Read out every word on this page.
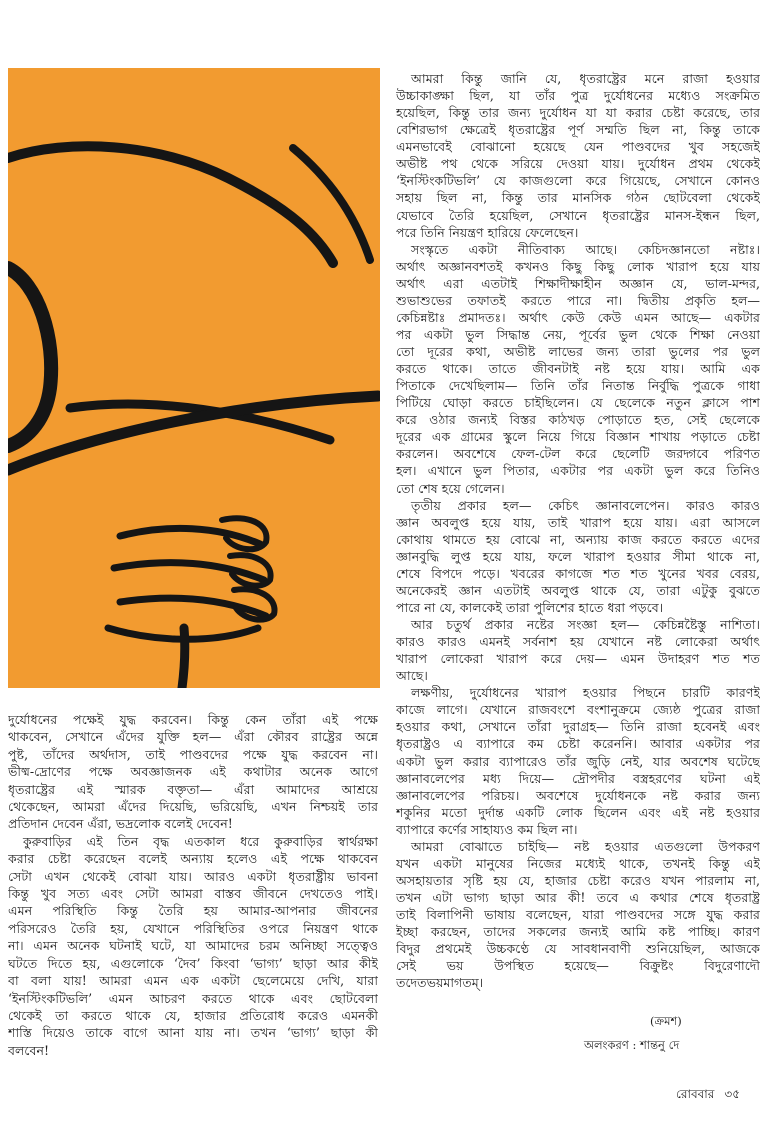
আমরা কিন্তু জানি যে, ধৃতরাষ্ট্রের মনে রাজা হওয়ার
উচ্চাকাঙ্ক্ষা ছিল, যা তাঁর পুত্র দুর্যোধনের মধ্যেও সংক্রমিত
হয়েছিল, কিন্তু তার জন্য দুর্যোধন যা যা করার চেষ্টা করেছে, তার
বেশিরভাগ ক্ষেত্রেই ধৃতরাষ্ট্রের পূর্ণ সম্মতি ছিল না, কিন্তু তাকে
এমনভাবেই বোঝানো হয়েছে যেন পাণ্ডবদের খুব সহজেই
অভীষ্ট পথ থেকে সরিয়ে দেওয়া যায়। দুর্যোধন প্রথম থেকেই
‘ইনস্টিংকটিভলি’ যে কাজগুলো করে গিয়েছে, সেখানে কোনও
সহায় ছিল না, কিন্তু তার মানসিক গঠন ছোটবেলা থেকেই
যেভাবে তৈরি হয়েছিল, সেখানে ধৃতরাষ্ট্রের মানস-ইন্ধন ছিল,
পরে তিনি নিয়ন্ত্রণ হারিয়ে ফেলেছেন।
সংস্কৃতে একটা নীতিবাক্য আছে। কেচিদজ্ঞানতো নষ্টাঃ।
অর্থাৎ অজ্ঞানবশতই কখনও কিছু কিছু লোক খারাপ হয়ে যায়
অর্থাৎ এরা এতটাই শিক্ষাদীক্ষাহীন অজ্ঞান যে, ভাল-মন্দর,
শুভাশুভের তফাতই করতে পারে না। দ্বিতীয় প্রকৃতি হল—
কেচিন্নষ্টাঃ প্রমাদতঃ। অর্থাৎ কেউ কেউ এমন আছে— একটার
পর একটা ভুল সিদ্ধান্ত নেয়, পূর্বের ভুল থেকে শিক্ষা নেওয়া
তো দূরের কথা, অভীষ্ট লাভের জন্য তারা ভুলের পর ভুল
করতে থাকে। তাতে জীবনটাই নষ্ট হয়ে যায়। আমি এক
পিতাকে দেখেছিলাম— তিনি তাঁর নিতান্ত নির্বুদ্ধি পুত্রকে গাধা
পিটিয়ে ঘোড়া করতে চাইছিলেন। যে ছেলেকে নতুন ক্লাসে পাশ
করে ওঠার জন্যই বিস্তর কাঠখড় পোড়াতে হত, সেই ছেলেকে
দূরের এক গ্রামের স্কুলে নিয়ে গিয়ে বিজ্ঞান শাখায় পড়াতে চেষ্টা
করলেন। অবশেষে ফেল-টেল করে ছেলেটি জরদ্গবে পরিণত
হল। এখানে ভুল পিতার, একটার পর একটা ভুল করে তিনিও
তো শেষ হয়ে গেলেন।
তৃতীয় প্রকার হল— কেচিৎ জ্ঞানাবলেপেন। কারও কারও
জ্ঞান অবলুপ্ত হয়ে যায়, তাই খারাপ হয়ে যায়। এরা আসলে
কোথায় থামতে হয় বোঝে না, অন্যায় কাজ করতে করতে এদের
জ্ঞানবুদ্ধি লুপ্ত হয়ে যায়, ফলে খারাপ হওয়ার সীমা থাকে না,
শেষে বিপদে পড়ে। খবরের কাগজে শত শত খুনের খবর বেরয়,
অনেকেরই জ্ঞান এতটাই অবলুপ্ত থাকে যে, তারা এটুকু বুঝতে
পারে না যে, কালকেই তারা পুলিশের হাতে ধরা পড়বে।
আর চতুর্থ প্রকার নষ্টের সংজ্ঞা হল— কেচিন্নষ্টৈস্তু নাশিতা।
কারও কারও এমনই সর্বনাশ হয় যেখানে নষ্ট লোকেরা অর্থাৎ
খারাপ লোকেরা খারাপ করে দেয়— এমন উদাহরণ শত শত
আছে।
লক্ষণীয়, দুর্যোধনের খারাপ হওয়ার পিছনে চারটি কারণই
কাজে লাগে। যেখানে রাজবংশে বংশানুক্রমে জ্যেষ্ঠ পুত্রের রাজা
হওয়ার কথা, সেখানে তাঁরা দুরাগ্রহ— তিনি রাজা হবেনই এবং
ধৃতরাষ্ট্রও এ ব্যাপারে কম চেষ্টা করেননি। আবার একটার পর
একটা ভুল করার ব্যাপারেও তাঁর জুড়ি নেই, যার অবশেষ ঘটেছে
জ্ঞানাবলেপের মধ্য দিয়ে— দ্রৌপদীর বস্ত্রহরণের ঘটনা এই
জ্ঞানাবলেপের পরিচয়। অবশেষে দুর্যোধনকে নষ্ট করার জন্য
শকুনির মতো দুর্দান্ত একটি লোক ছিলেন এবং এই নষ্ট হওয়ার
ব্যাপারে কর্ণের সাহায্যও কম ছিল না।
আমরা বোঝাতে চাইছি— নষ্ট হওয়ার এতগুলো উপকরণ
যখন একটা মানুষের নিজের মধ্যেই থাকে, তখনই কিন্তু এই
অসহায়তার সৃষ্টি হয় যে, হাজার চেষ্টা করেও যখন পারলাম না,
তখন এটা ভাগ্য ছাড়া আর কী! তবে এ কথার শেষে ধৃতরাষ্ট্র
তাই বিলাপিনী ভাষায় বলেছেন, যারা পাণ্ডবদের সঙ্গে যুদ্ধ করার
ইচ্ছা করছেন, তাদের সকলের জন্যই আমি কষ্ট পাচ্ছি। কারণ
বিদুর প্রথমেই উচ্চকণ্ঠে যে সাবধানবাণী শুনিয়েছিল, আজকে
সেই ভয় উপস্থিত হয়েছে— বিক্রুষ্টং বিদুরেণাদৌ
তদেতভয়মাগতম্।
দুর্যোধনের পক্ষেই যুদ্ধ করবেন। কিন্তু কেন তাঁরা এই পক্ষে
থাকবেন, সেখানে এঁদের যুক্তি হল— এঁরা কৌরব রাষ্ট্রের অন্নে
পুষ্ট, তাঁদের অর্থদাস, তাই পাণ্ডবদের পক্ষে যুদ্ধ করবেন না।
ভীষ্ম-দ্রোণের পক্ষে অবজ্ঞাজনক এই কথাটার অনেক আগে
ধৃতরাষ্ট্রের এই স্মারক বক্তৃতা— এঁরা আমাদের আশ্রয়ে
থেকেছেন, আমরা এঁদের দিয়েছি, ভরিয়েছি, এখন নিশ্চয়ই তার
প্রতিদান দেবেন এঁরা, ভদ্রলোক বলেই দেবেন!
কুরুবাড়ির এই তিন বৃদ্ধ এতকাল ধরে কুরুবাড়ির স্বার্থরক্ষা
করার চেষ্টা করেছেন বলেই অন্যায় হলেও এই পক্ষে থাকবেন
সেটা এখন থেকেই বোঝা যায়। আরও একটা ধৃতরাষ্ট্রীয় ভাবনা
কিন্তু খুব সত্য এবং সেটা আমরা বাস্তব জীবনে দেখতেও পাই।
এমন পরিস্থিতি কিন্তু তৈরি হয় আমার-আপনার জীবনের
পরিসরেও তৈরি হয়, যেখানে পরিস্থিতির ওপরে নিয়ন্ত্রণ থাকে
না। এমন অনেক ঘটনাই ঘটে, যা আমাদের চরম অনিচ্ছা সত্ত্বেও
ঘটতে দিতে হয়, এগুলোকে ‘দৈব’ কিংবা ‘ভাগ্য’ ছাড়া আর কীই
বা বলা যায়! আমরা এমন এক একটা ছেলেমেয়ে দেখি, যারা
‘ইনস্টিংকটিভলি’ এমন আচরণ করতে থাকে এবং ছোটবেলা
থেকেই তা করতে থাকে যে, হাজার প্রতিরোধ করেও এমনকী
শাস্তি দিয়েও তাকে বাগে আনা যায় না। তখন ‘ভাগ্য’ ছাড়া কী
বলবেন!
(ক্রমশ)
অলংকরণ : শান্তনু দে
রোববার ৩৫
